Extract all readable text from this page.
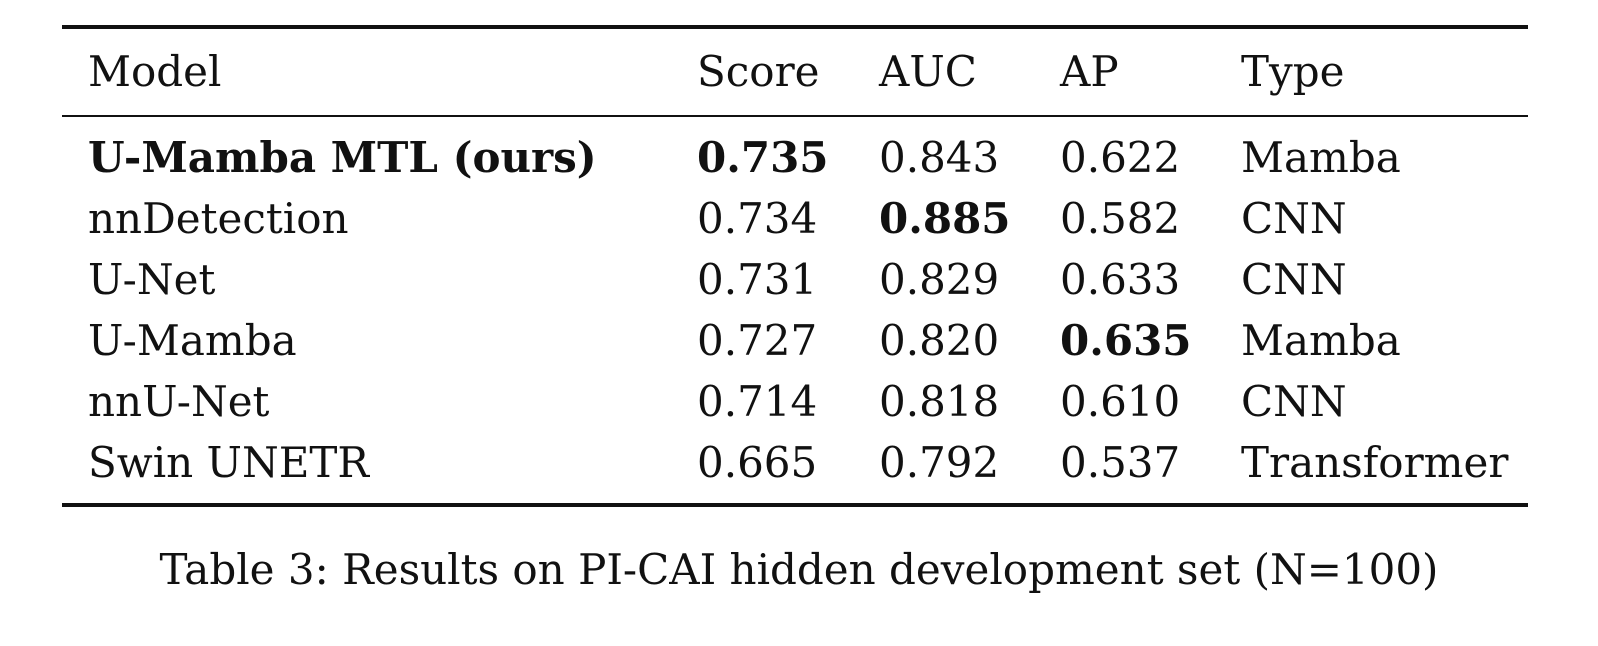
Model	Score AUC AP	Type
U-Mamba MTL (ours) 0.735 0.843 0.622 Mamba
nnDetection	0.734 0.885 0.582 CNN
U-Net	0.731 0.829 0.633 CNN
U-Mamba	0.727 0.820 0.635 Mamba
nnU-Net	0.714 0.818 0.610 CNN
Swin UNETR	0.665 0.792 0.537 Transformer
Table 3: Results on PI-CAI hidden development set (N=100)
